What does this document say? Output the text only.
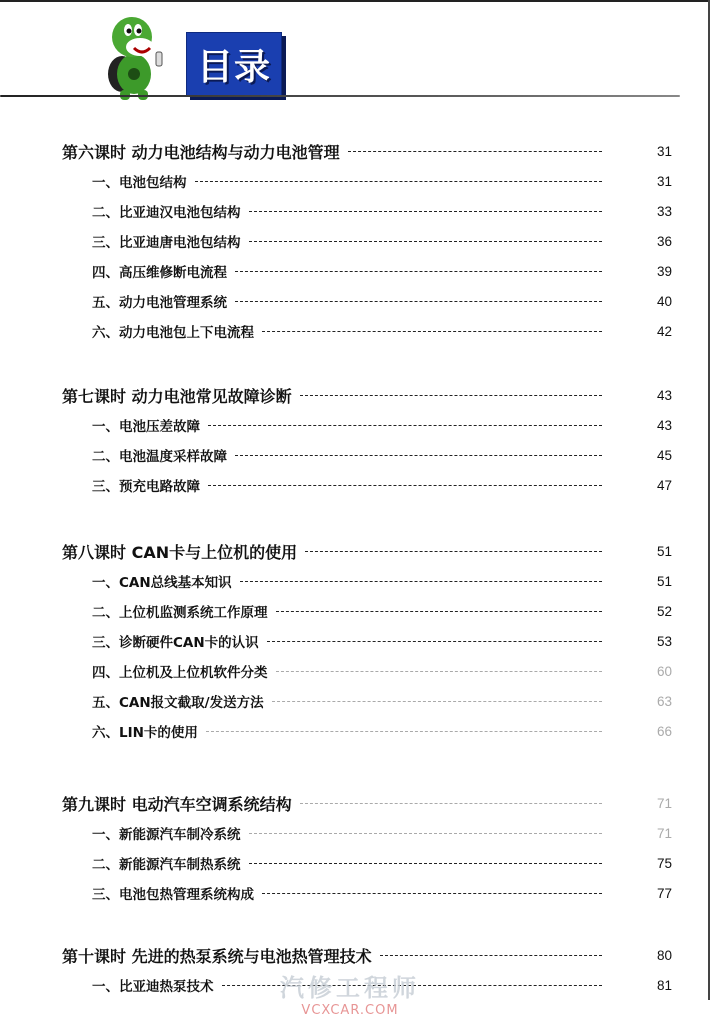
目录
第六课时 动力电池结构与动力电池管理	31
一、电池包结构	31
二、比亚迪汉电池包结构	33
三、比亚迪唐电池包结构	36
四、高压维修断电流程	39
五、动力电池管理系统	40
六、动力电池包上下电流程	42
第七课时 动力电池常见故障诊断	43
一、电池压差故障	43
二、电池温度采样故障	45
三、预充电路故障	47
第八课时 CAN卡与上位机的使用	51
一、CAN总线基本知识	51
二、上位机监测系统工作原理	52
三、诊断硬件CAN卡的认识	53
四、上位机及上位机软件分类	60
五、CAN报文截取/发送方法	63
六、LIN卡的使用	66
第九课时 电动汽车空调系统结构	71
一、新能源汽车制冷系统	71
二、新能源汽车制热系统	75
三、电池包热管理系统构成	77
第十课时 先进的热泵系统与电池热管理技术	80
一、比亚迪热泵技术	81
汽修工程师
VCXCAR.COM
